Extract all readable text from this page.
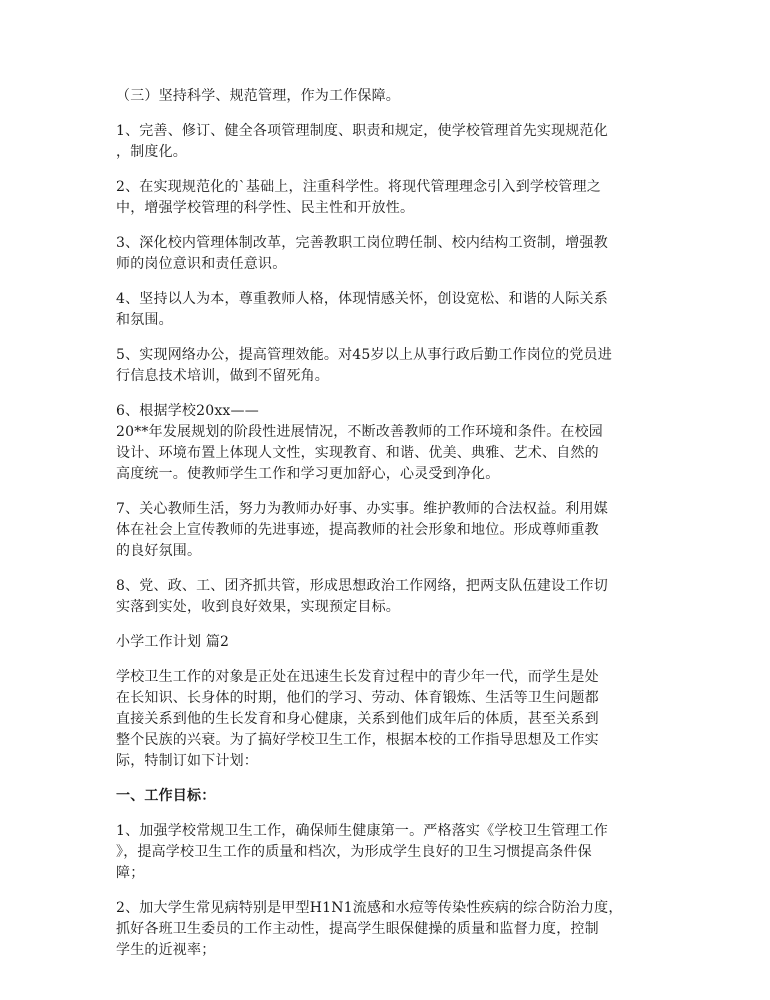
（三）坚持科学、规范管理，作为工作保障。

1、完善、修订、健全各项管理制度、职责和规定，使学校管理首先实现规范化
，制度化。

2、在实现规范化的`基础上，注重科学性。将现代管理理念引入到学校管理之
中，增强学校管理的科学性、民主性和开放性。

3、深化校内管理体制改革，完善教职工岗位聘任制、校内结构工资制，增强教
师的岗位意识和责任意识。

4、坚持以人为本，尊重教师人格，体现情感关怀，创设宽松、和谐的人际关系
和氛围。

5、实现网络办公，提高管理效能。对45岁以上从事行政后勤工作岗位的党员进
行信息技术培训，做到不留死角。

6、根据学校20xx——
20**年发展规划的阶段性进展情况，不断改善教师的工作环境和条件。在校园
设计、环境布置上体现人文性，实现教育、和谐、优美、典雅、艺术、自然的
高度统一。使教师学生工作和学习更加舒心，心灵受到净化。

7、关心教师生活，努力为教师办好事、办实事。维护教师的合法权益。利用媒
体在社会上宣传教师的先进事迹，提高教师的社会形象和地位。形成尊师重教
的良好氛围。

8、党、政、工、团齐抓共管，形成思想政治工作网络，把两支队伍建设工作切
实落到实处，收到良好效果，实现预定目标。

小学工作计划 篇2

学校卫生工作的对象是正处在迅速生长发育过程中的青少年一代，而学生是处
在长知识、长身体的时期，他们的学习、劳动、体育锻炼、生活等卫生问题都
直接关系到他的生长发育和身心健康，关系到他们成年后的体质，甚至关系到
整个民族的兴衰。为了搞好学校卫生工作，根据本校的工作指导思想及工作实
际，特制订如下计划：

一、工作目标：

1、加强学校常规卫生工作，确保师生健康第一。严格落实《学校卫生管理工作
》，提高学校卫生工作的质量和档次，为形成学生良好的卫生习惯提高条件保
障；

2、加大学生常见病特别是甲型H1N1流感和水痘等传染性疾病的综合防治力度，
抓好各班卫生委员的工作主动性，提高学生眼保健操的质量和监督力度，控制
学生的近视率；
